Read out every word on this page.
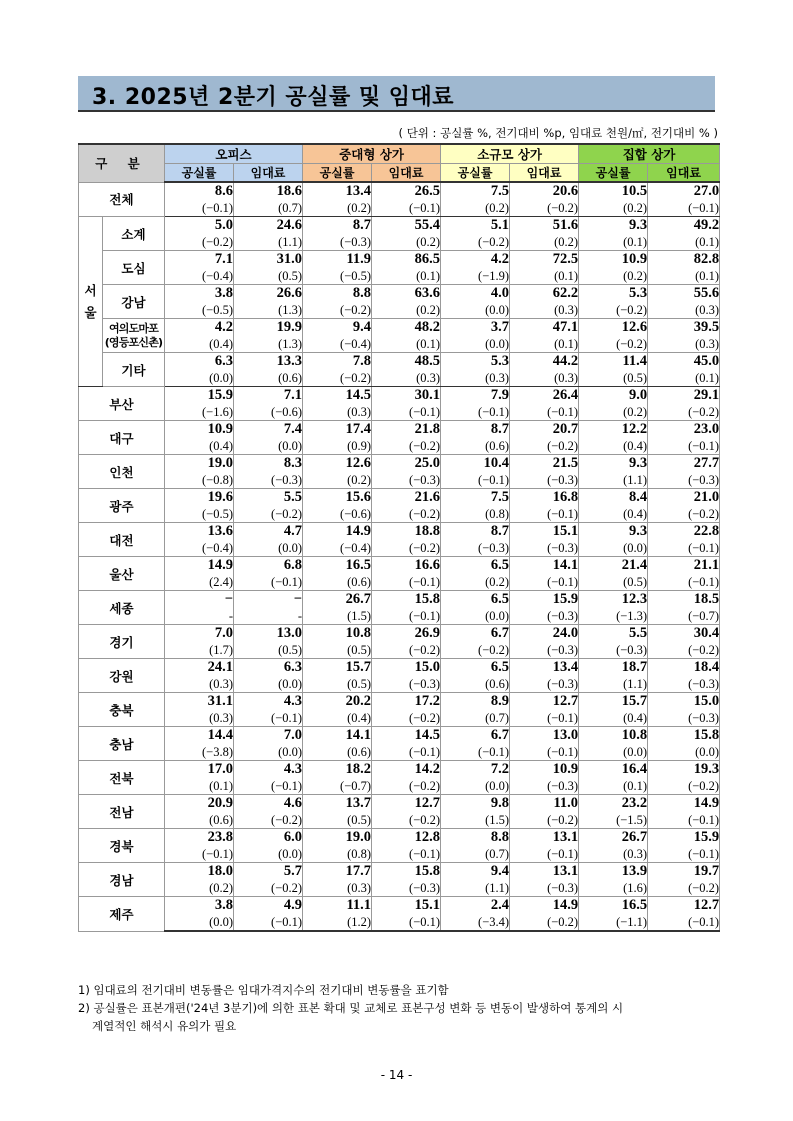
3. 2025년 2분기 공실률 및 임대료
( 단위 : 공실률 %, 전기대비 %p, 임대료 천원/㎡, 전기대비 % )
구 분		오피스		중대형 상가		소규모 상가		집합 상가	
		공실률	임대료	공실률	임대료	공실률	임대료	공실률	임대료
전체		8.6	18.6	13.4	26.5	7.5	20.6	10.5	27.0
		(−0.1)	(0.7)	(0.2)	(−0.1)	(0.2)	(−0.2)	(0.2)	(−0.1)
서울	소계	5.0	24.6	8.7	55.4	5.1	51.6	9.3	49.2
		(−0.2)	(1.1)	(−0.3)	(0.2)	(−0.2)	(0.2)	(0.1)	(0.1)
	도심	7.1	31.0	11.9	86.5	4.2	72.5	10.9	82.8
		(−0.4)	(0.5)	(−0.5)	(0.1)	(−1.9)	(0.1)	(0.2)	(0.1)
	강남	3.8	26.6	8.8	63.6	4.0	62.2	5.3	55.6
		(−0.5)	(1.3)	(−0.2)	(0.2)	(0.0)	(0.3)	(−0.2)	(0.3)
	여의도마포 (영등포신촌)	4.2	19.9	9.4	48.2	3.7	47.1	12.6	39.5
		(0.4)	(1.3)	(−0.4)	(0.1)	(0.0)	(0.1)	(−0.2)	(0.3)
	기타	6.3	13.3	7.8	48.5	5.3	44.2	11.4	45.0
		(0.0)	(0.6)	(−0.2)	(0.3)	(0.3)	(0.3)	(0.5)	(0.1)
부산		15.9	7.1	14.5	30.1	7.9	26.4	9.0	29.1
		(−1.6)	(−0.6)	(0.3)	(−0.1)	(−0.1)	(−0.1)	(0.2)	(−0.2)
대구		10.9	7.4	17.4	21.8	8.7	20.7	12.2	23.0
		(0.4)	(0.0)	(0.9)	(−0.2)	(0.6)	(−0.2)	(0.4)	(−0.1)
인천		19.0	8.3	12.6	25.0	10.4	21.5	9.3	27.7
		(−0.8)	(−0.3)	(0.2)	(−0.3)	(−0.1)	(−0.3)	(1.1)	(−0.3)
광주		19.6	5.5	15.6	21.6	7.5	16.8	8.4	21.0
		(−0.5)	(−0.2)	(−0.6)	(−0.2)	(0.8)	(−0.1)	(0.4)	(−0.2)
대전		13.6	4.7	14.9	18.8	8.7	15.1	9.3	22.8
		(−0.4)	(0.0)	(−0.4)	(−0.2)	(−0.3)	(−0.3)	(0.0)	(−0.1)
울산		14.9	6.8	16.5	16.6	6.5	14.1	21.4	21.1
		(2.4)	(−0.1)	(0.6)	(−0.1)	(0.2)	(−0.1)	(0.5)	(−0.1)
세종		−	−	26.7	15.8	6.5	15.9	12.3	18.5
		-	-	(1.5)	(−0.1)	(0.0)	(−0.3)	(−1.3)	(−0.7)
경기		7.0	13.0	10.8	26.9	6.7	24.0	5.5	30.4
		(1.7)	(0.5)	(0.5)	(−0.2)	(−0.2)	(−0.3)	(−0.3)	(−0.2)
강원		24.1	6.3	15.7	15.0	6.5	13.4	18.7	18.4
		(0.3)	(0.0)	(0.5)	(−0.3)	(0.6)	(−0.3)	(1.1)	(−0.3)
충북		31.1	4.3	20.2	17.2	8.9	12.7	15.7	15.0
		(0.3)	(−0.1)	(0.4)	(−0.2)	(0.7)	(−0.1)	(0.4)	(−0.3)
충남		14.4	7.0	14.1	14.5	6.7	13.0	10.8	15.8
		(−3.8)	(0.0)	(0.6)	(−0.1)	(−0.1)	(−0.1)	(0.0)	(0.0)
전북		17.0	4.3	18.2	14.2	7.2	10.9	16.4	19.3
		(0.1)	(−0.1)	(−0.7)	(−0.2)	(0.0)	(−0.3)	(0.1)	(−0.2)
전남		20.9	4.6	13.7	12.7	9.8	11.0	23.2	14.9
		(0.6)	(−0.2)	(0.5)	(−0.2)	(1.5)	(−0.2)	(−1.5)	(−0.1)
경북		23.8	6.0	19.0	12.8	8.8	13.1	26.7	15.9
		(−0.1)	(0.0)	(0.8)	(−0.1)	(0.7)	(−0.1)	(0.3)	(−0.1)
경남		18.0	5.7	17.7	15.8	9.4	13.1	13.9	19.7
		(0.2)	(−0.2)	(0.3)	(−0.3)	(1.1)	(−0.3)	(1.6)	(−0.2)
제주		3.8	4.9	11.1	15.1	2.4	14.9	16.5	12.7
		(0.0)	(−0.1)	(1.2)	(−0.1)	(−3.4)	(−0.2)	(−1.1)	(−0.1)

1) 임대료의 전기대비 변동률은 임대가격지수의 전기대비 변동률을 표기함

2) 공실률은 표본개편('24년 3분기)에 의한 표본 확대 및 교체로 표본구성 변화 등 변동이 발생하여 통계의 시

계열적인 해석시 유의가 필요

- 14 -
